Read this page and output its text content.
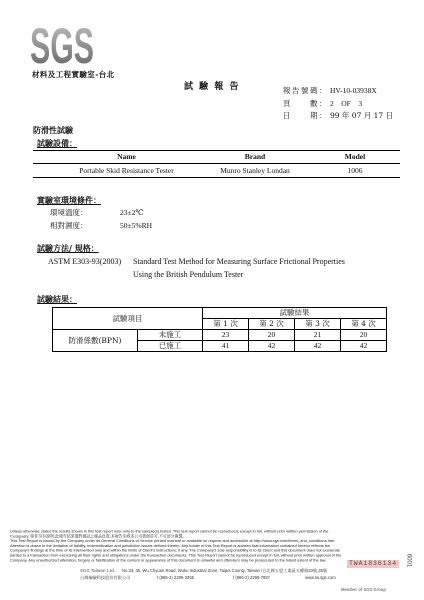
SGS
材料及工程實驗室-台北
試 驗 報 告	報告號碼： HV-10-03938X
頁　　數： 2　OF　3
日　　期： 99 年 07 月 17 日
防滑性試驗
試驗設備：
Name	Brand	Model
Portable Skid Resistance Tester	Munro Stanley Londan	1006
實驗室環境條件：
環境溫度：	23±2℃
相對濕度：	50±5%RH
試驗方法/ 規格：
ASTM E303-93(2003) Standard Test Method for Measuring Surface Frictional Properties
Using the British Pendulum Tester
試驗結果：
試驗項目		試驗結果			
		第 1 次	第 2 次	第 3 次	第 4 次
防滑係數(BPN)	未施工	23	20	21	20
	已施工	41	42	42	42
Unless otherwise stated the results shown in this test report refer only to the sample(s) tested. This test report cannot be reproduced, except in full, without prior written permission of the
Company. 除非另有說明,此報告結果僅對測試之樣品負責,本報告未經本公司書面許可,不可部分複製。
This Test Report is issued by the Company under its General Conditions of Service printed overleaf or available on request and accessible at http://www.sgs.com/terms_and_conditions.htm.
Attention is drawn to the limitation of liability, indemnification and jurisdiction issues defined therein. Any holder of this Test Report is advised that information contained hereon reflects the
Company's findings at the time of its intervention only and within the limits of Client's instructions, if any. The Company's sole responsibility is to its Client and this document does not exonerate
parties to a transaction from exercising all their rights and obligations under the transaction documents. This Test Report cannot be reproduced except in full, without prior written approval of the
Company. Any unauthorized alteration, forgery or falsification of the content or appearance of this document is unlawful and offenders may be prosecuted to the fullest extent of the law.	TWA1836134	6001
SGS Taiwan Ltd. No.33, 35, Wu Chyuan Road, Wuku Industrial Zone, Taipei County, Taiwan /台北縣五股工業區五權路33號,35號
台灣檢驗科技股份有限公司	t (886-2) 2299-3355	f (886-2) 2299-7857	www.tw.sgs.com
Member of SGS Group
